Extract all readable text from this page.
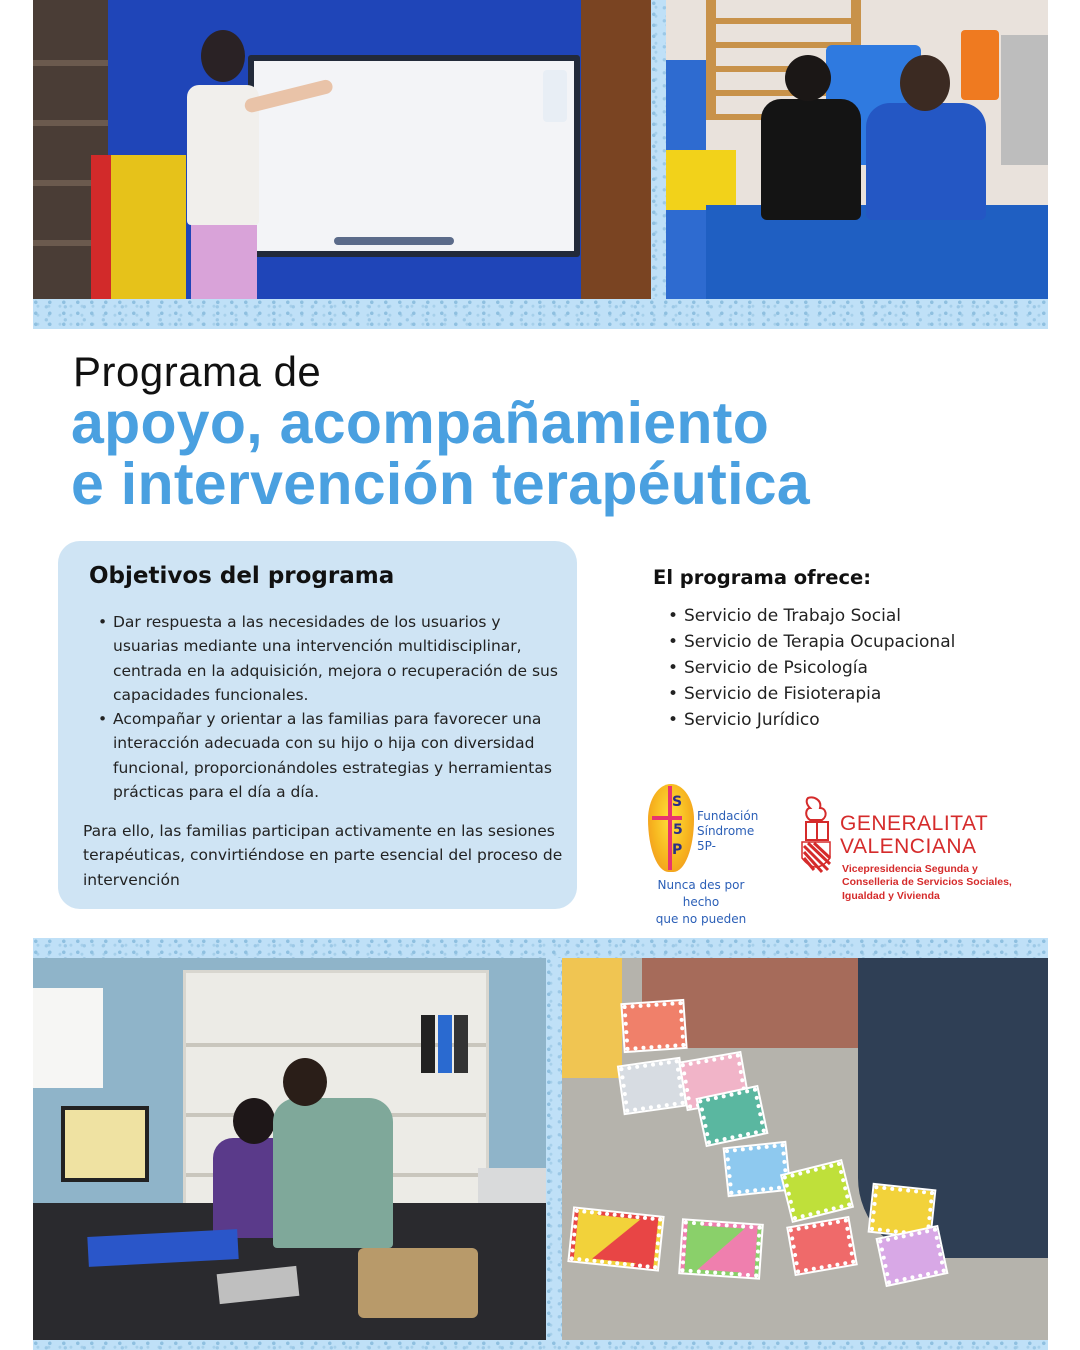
Programa de
apoyo, acompañamiento
e intervención terapéutica
Objetivos del programa
• Dar respuesta a las necesidades de los usuarios y usuarias mediante una intervención multidisciplinar, centrada en la adquisición, mejora o recuperación de sus capacidades funcionales.
• Acompañar y orientar a las familias para favorecer una interacción adecuada con su hijo o hija con diversidad funcional, proporcionándoles estrategias y herramientas prácticas para el día a día.
Para ello, las familias participan activamente en las sesiones terapéuticas, convirtiéndose en parte esencial del proceso de intervención
El programa ofrece:
• Servicio de Trabajo Social
• Servicio de Terapia Ocupacional
• Servicio de Psicología
• Servicio de Fisioterapia
• Servicio Jurídico
S
5
P
Fundación
Síndrome
5P-
Nunca des por hecho
que no pueden
GENERALITAT
VALENCIANA
Vicepresidencia Segunda y
Conselleria de Servicios Sociales,
Igualdad y Vivienda
